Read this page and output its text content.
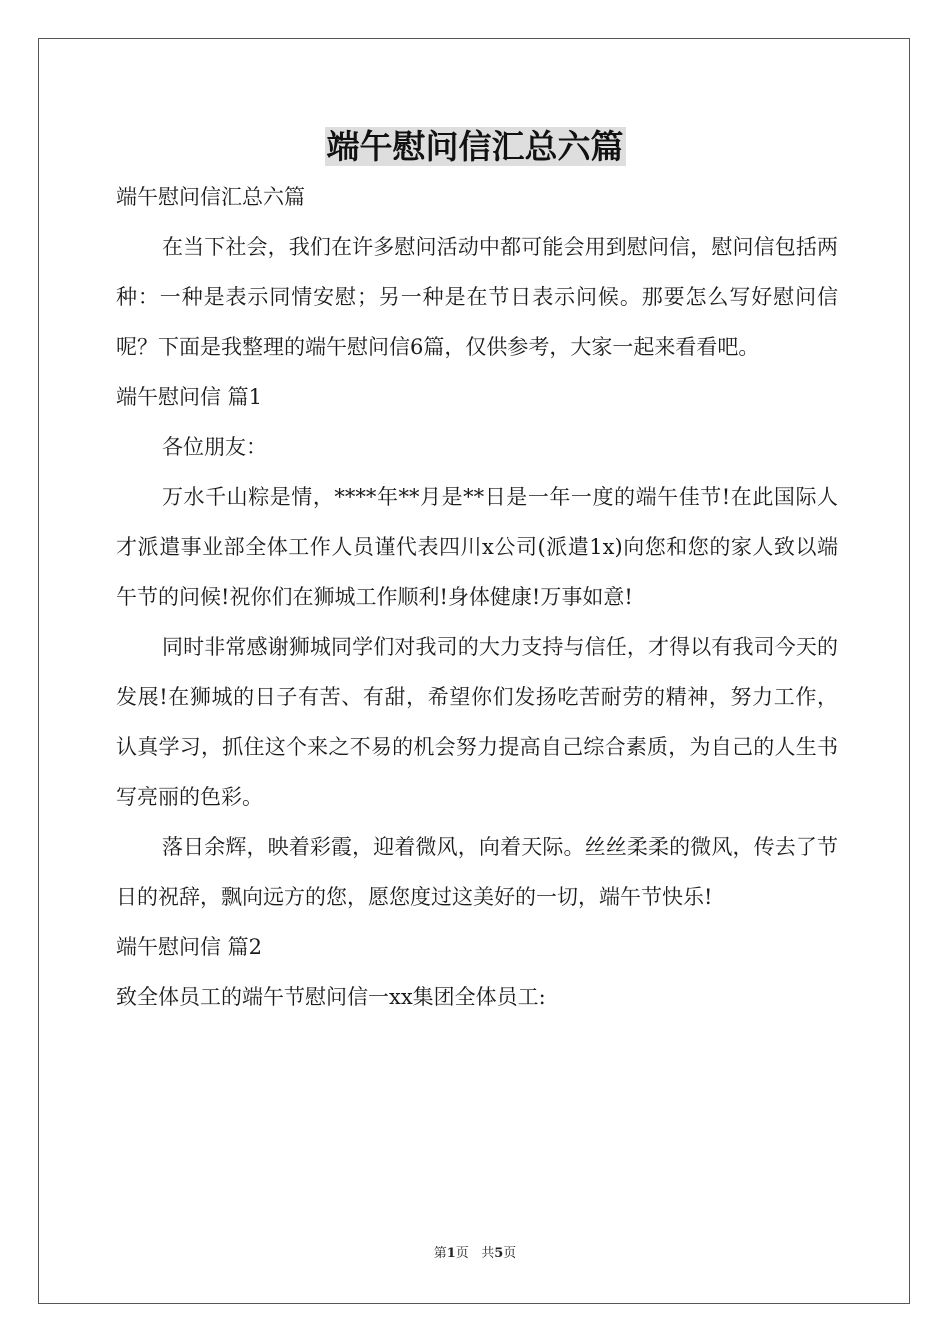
端午慰问信汇总六篇

端午慰问信汇总六篇

在当下社会，我们在许多慰问活动中都可能会用到慰问信，慰问信包括两种：一种是表示同情安慰；另一种是在节日表示问候。那要怎么写好慰问信呢？下面是我整理的端午慰问信6篇，仅供参考，大家一起来看看吧。

端午慰问信 篇1

各位朋友：

万水千山粽是情，****年**月是**日是一年一度的端午佳节!在此国际人才派遣事业部全体工作人员谨代表四川x公司(派遣1x)向您和您的家人致以端午节的问候!祝你们在狮城工作顺利!身体健康!万事如意!

同时非常感谢狮城同学们对我司的大力支持与信任，才得以有我司今天的发展!在狮城的日子有苦、有甜，希望你们发扬吃苦耐劳的精神，努力工作，认真学习，抓住这个来之不易的机会努力提高自己综合素质，为自己的人生书写亮丽的色彩。

落日余辉，映着彩霞，迎着微风，向着天际。丝丝柔柔的微风，传去了节日的祝辞，飘向远方的您，愿您度过这美好的一切，端午节快乐!

端午慰问信 篇2

致全体员工的端午节慰问信一xx集团全体员工:

第1页 共5页
